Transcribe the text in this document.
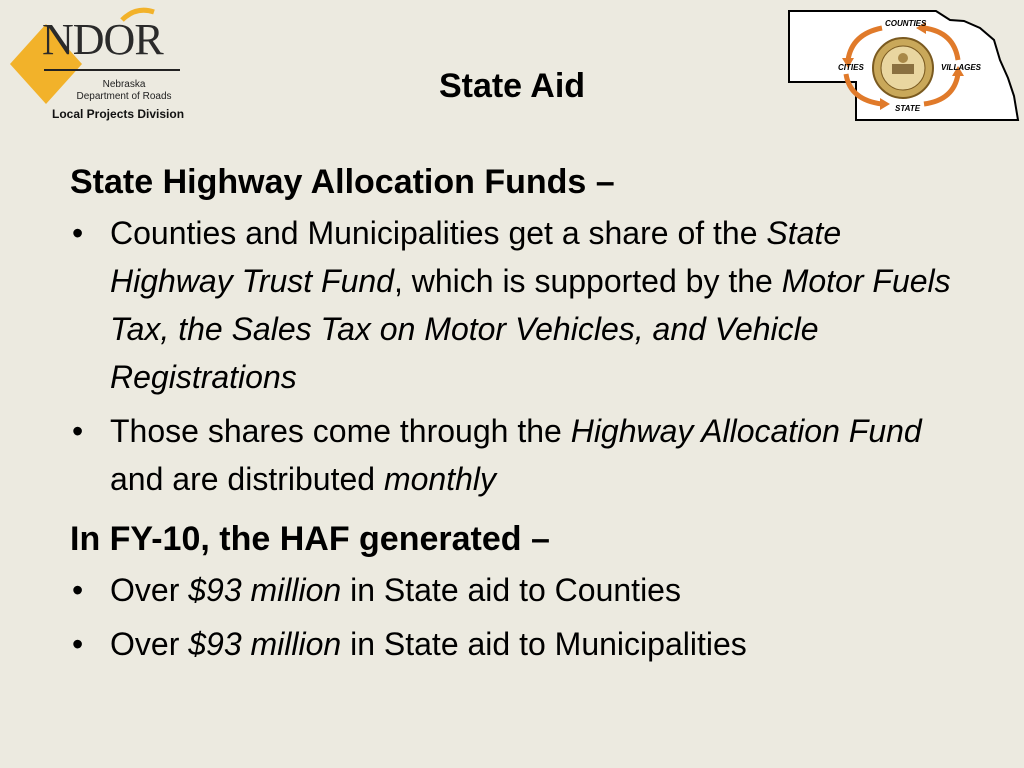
NDOR
Nebraska
Department of Roads
Local Projects Division
State Aid
COUNTIES
CITIES	VILLAGES
STATE
State Highway Allocation Funds –

• Counties and Municipalities get a share of the State Highway Trust Fund, which is supported by the Motor Fuels Tax, the Sales Tax on Motor Vehicles, and Vehicle Registrations

• Those shares come through the Highway Allocation Fund and are distributed monthly

In FY-10, the HAF generated –

• Over $93 million in State aid to Counties

• Over $93 million in State aid to Municipalities
